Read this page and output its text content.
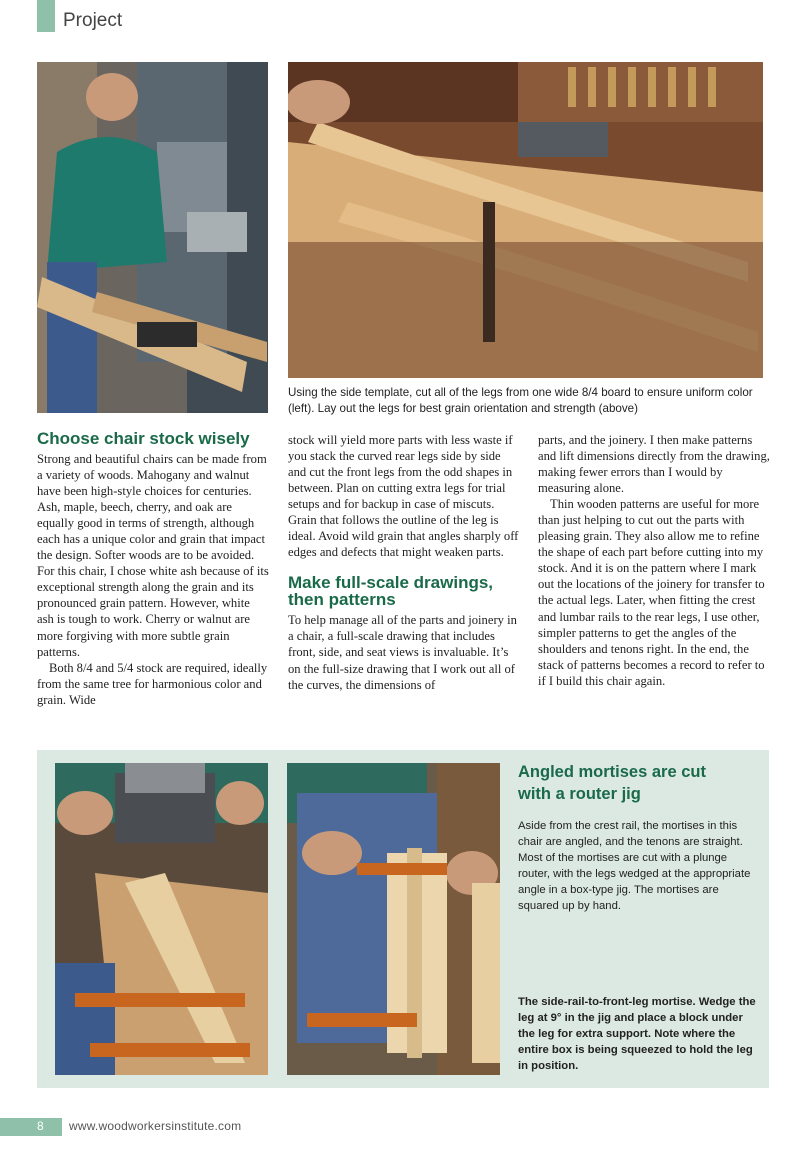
Project
Using the side template, cut all of the legs from one wide 8/4 board to ensure uniform color (left). Lay out the legs for best grain orientation and strength (above)
Choose chair stock wisely

Strong and beautiful chairs can be made from a variety of woods. Mahogany and walnut have been high-style choices for centuries. Ash, maple, beech, cherry, and oak are equally good in terms of strength, although each has a unique color and grain that impact the design. Softer woods are to be avoided. For this chair, I chose white ash because of its exceptional strength along the grain and its pronounced grain pattern. However, white ash is tough to work. Cherry or walnut are more forgiving with more subtle grain patterns.

Both 8/4 and 5/4 stock are required, ideally from the same tree for harmonious color and grain. Wide

stock will yield more parts with less waste if you stack the curved rear legs side by side and cut the front legs from the odd shapes in between. Plan on cutting extra legs for trial setups and for backup in case of miscuts. Grain that follows the outline of the leg is ideal. Avoid wild grain that angles sharply off edges and defects that might weaken parts.

Make full-scale drawings, then patterns

To help manage all of the parts and joinery in a chair, a full-scale drawing that includes front, side, and seat views is invaluable. It’s on the full-size drawing that I work out all of the curves, the dimensions of

parts, and the joinery. I then make patterns and lift dimensions directly from the drawing, making fewer errors than I would by measuring alone.

Thin wooden patterns are useful for more than just helping to cut out the parts with pleasing grain. They also allow me to refine the shape of each part before cutting into my stock. And it is on the pattern where I mark out the locations of the joinery for transfer to the actual legs. Later, when fitting the crest and lumbar rails to the rear legs, I use other, simpler patterns to get the angles of the shoulders and tenons right. In the end, the stack of patterns becomes a record to refer to if I build this chair again.

Angled mortises are cut with a router jig
Aside from the crest rail, the mortises in this chair are angled, and the tenons are straight. Most of the mortises are cut with a plunge router, with the legs wedged at the appropriate angle in a box-type jig. The mortises are squared up by hand.
The side-rail-to-front-leg mortise. Wedge the leg at 9° in the jig and place a block under the leg for extra support. Note where the entire box is being squeezed to hold the leg in position.
8 www.woodworkersinstitute.com
